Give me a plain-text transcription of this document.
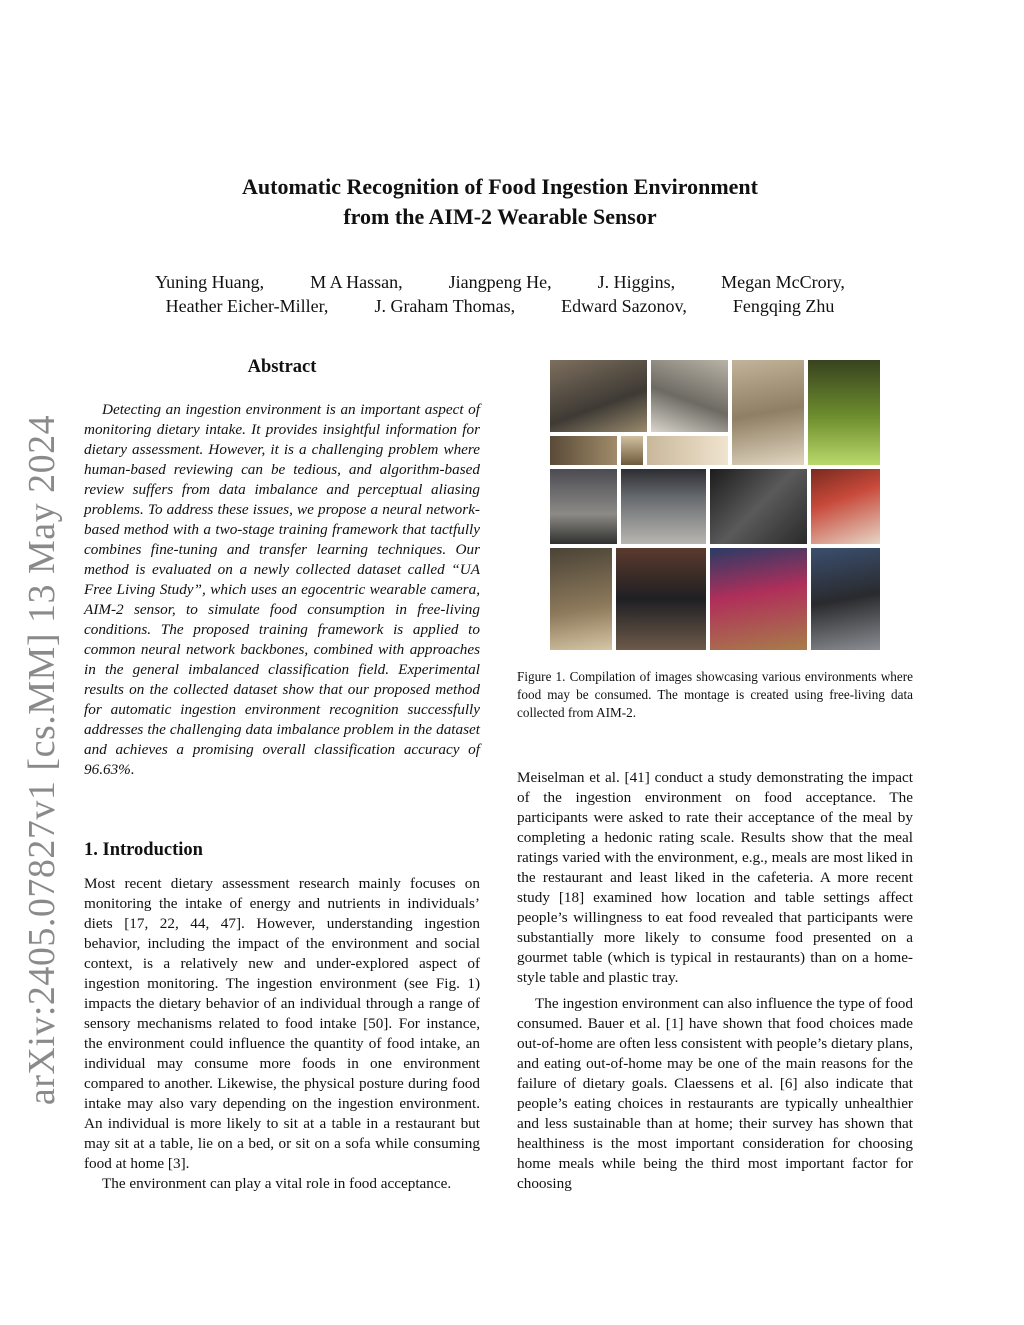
arXiv:2405.07827v1 [cs.MM] 13 May 2024
Automatic Recognition of Food Ingestion Environment
from the AIM-2 Wearable Sensor
Yuning Huang,	M A Hassan,	Jiangpeng He,	J. Higgins,	Megan McCrory,
Heather Eicher-Miller,	J. Graham Thomas,	Edward Sazonov,	Fengqing Zhu
Abstract
Detecting an ingestion environment is an important aspect of monitoring dietary intake. It provides insightful information for dietary assessment. However, it is a challenging problem where human-based reviewing can be tedious, and algorithm-based review suffers from data imbalance and perceptual aliasing problems. To address these issues, we propose a neural network-based method with a two-stage training framework that tactfully combines fine-tuning and transfer learning techniques. Our method is evaluated on a newly collected dataset called “UA Free Living Study”, which uses an egocentric wearable camera, AIM-2 sensor, to simulate food consumption in free-living conditions. The proposed training framework is applied to common neural network backbones, combined with approaches in the general imbalanced classification field. Experimental results on the collected dataset show that our proposed method for automatic ingestion environment recognition successfully addresses the challenging data imbalance problem in the dataset and achieves a promising overall classification accuracy of 96.63%.
1. Introduction

Most recent dietary assessment research mainly focuses on monitoring the intake of energy and nutrients in individuals’ diets [17, 22, 44, 47]. However, understanding ingestion behavior, including the impact of the environment and social context, is a relatively new and under-explored aspect of ingestion monitoring. The ingestion environment (see Fig. 1) impacts the dietary behavior of an individual through a range of sensory mechanisms related to food intake [50]. For instance, the environment could influence the quantity of food intake, an individual may consume more foods in one environment compared to another. Likewise, the physical posture during food intake may also vary depending on the ingestion environment. An individual is more likely to sit at a table in a restaurant but may sit at a table, lie on a bed, or sit on a sofa while consuming food at home [3].

The environment can play a vital role in food acceptance.

Figure 1. Compilation of images showcasing various environments where food may be consumed. The montage is created using free-living data collected from AIM-2.

Meiselman et al. [41] conduct a study demonstrating the impact of the ingestion environment on food acceptance. The participants were asked to rate their acceptance of the meal by completing a hedonic rating scale. Results show that the meal ratings varied with the environment, e.g., meals are most liked in the restaurant and least liked in the cafeteria. A more recent study [18] examined how location and table settings affect people’s willingness to eat food revealed that participants were substantially more likely to consume food presented on a gourmet table (which is typical in restaurants) than on a home-style table and plastic tray.

The ingestion environment can also influence the type of food consumed. Bauer et al. [1] have shown that food choices made out-of-home are often less consistent with people’s dietary plans, and eating out-of-home may be one of the main reasons for the failure of dietary goals. Claessens et al. [6] also indicate that people’s eating choices in restaurants are typically unhealthier and less sustainable than at home; their survey has shown that healthiness is the most important consideration for choosing home meals while being the third most important factor for choosing
